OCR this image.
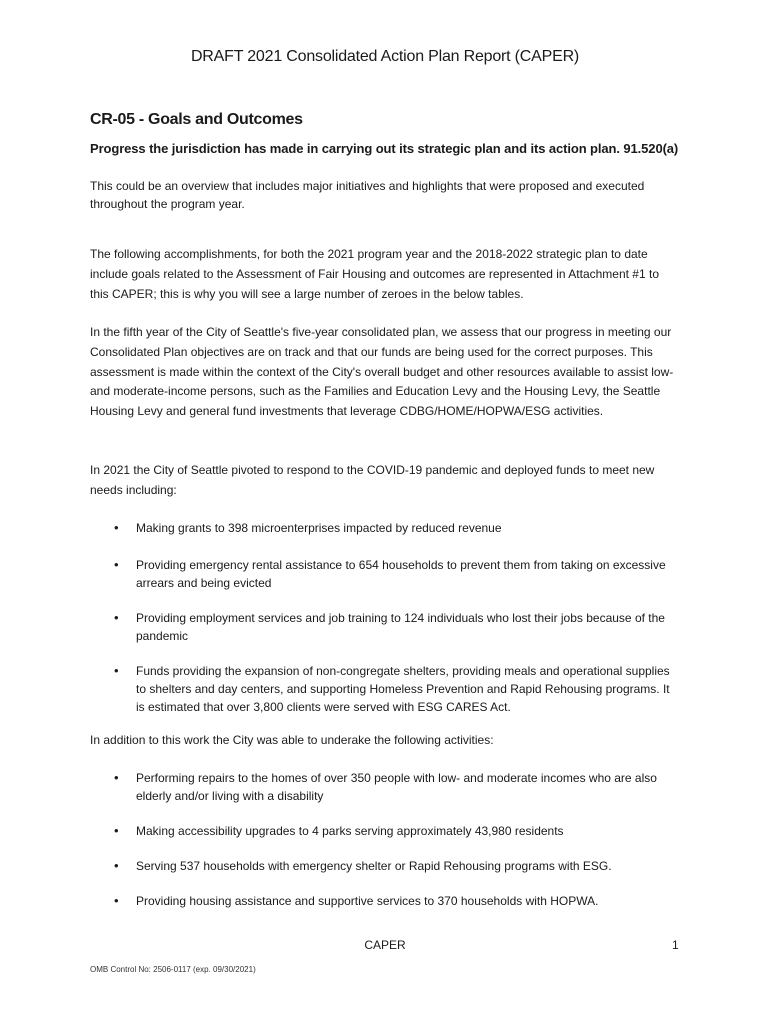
DRAFT 2021 Consolidated Action Plan Report (CAPER)
CR-05 - Goals and Outcomes
Progress the jurisdiction has made in carrying out its strategic plan and its action plan. 91.520(a)
This could be an overview that includes major initiatives and highlights that were proposed and executed throughout the program year.

The following accomplishments, for both the 2021 program year and the 2018-2022 strategic plan to date include goals related to the Assessment of Fair Housing and outcomes are represented in Attachment #1 to this CAPER; this is why you will see a large number of zeroes in the below tables.

In the fifth year of the City of Seattle's five-year consolidated plan, we assess that our progress in meeting our Consolidated Plan objectives are on track and that our funds are being used for the correct purposes. This assessment is made within the context of the City's overall budget and other resources available to assist low- and moderate-income persons, such as the Families and Education Levy and the Housing Levy, the Seattle Housing Levy and general fund investments that leverage CDBG/HOME/HOPWA/ESG activities.

In 2021 the City of Seattle pivoted to respond to the COVID-19 pandemic and deployed funds to meet new needs including:

• Making grants to 398 microenterprises impacted by reduced revenue
• Providing emergency rental assistance to 654 households to prevent them from taking on excessive arrears and being evicted
• Providing employment services and job training to 124 individuals who lost their jobs because of the pandemic
• Funds providing the expansion of non-congregate shelters, providing meals and operational supplies to shelters and day centers, and supporting Homeless Prevention and Rapid Rehousing programs. It is estimated that over 3,800 clients were served with ESG CARES Act.

In addition to this work the City was able to underake the following activities:

• Performing repairs to the homes of over 350 people with low- and moderate incomes who are also elderly and/or living with a disability
• Making accessibility upgrades to 4 parks serving approximately 43,980 residents
• Serving 537 households with emergency shelter or Rapid Rehousing programs with ESG.
• Providing housing assistance and supportive services to 370 households with HOPWA.
CAPER	1
OMB Control No: 2506-0117 (exp. 09/30/2021)
